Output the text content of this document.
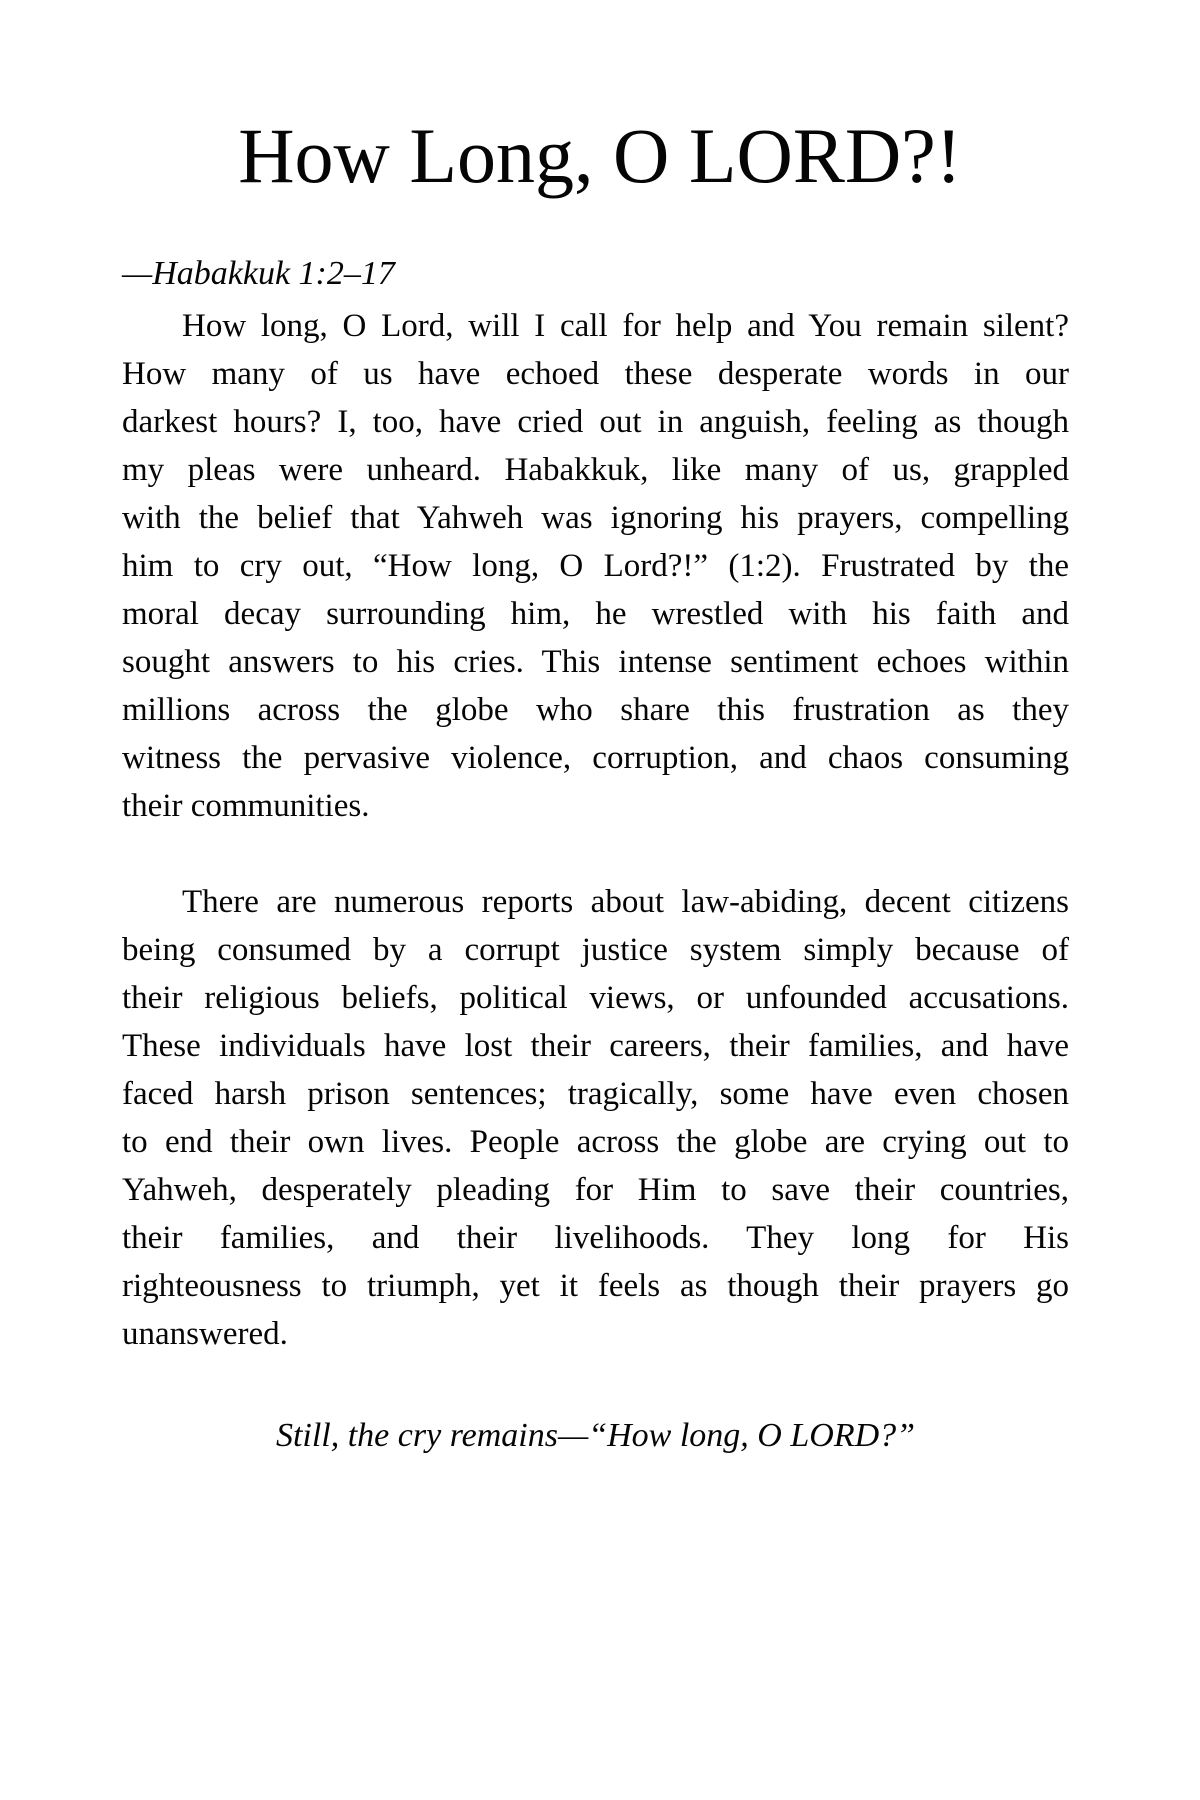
How Long, O LORD?!

—Habakkuk 1:2–17

How long, O Lord, will I call for help and You remain silent?
How many of us have echoed these desperate words in our
darkest hours? I, too, have cried out in anguish, feeling as though
my pleas were unheard. Habakkuk, like many of us, grappled
with the belief that Yahweh was ignoring his prayers, compelling
him to cry out, “How long, O Lord?!” (1:2). Frustrated by the
moral decay surrounding him, he wrestled with his faith and
sought answers to his cries. This intense sentiment echoes within
millions across the globe who share this frustration as they
witness the pervasive violence, corruption, and chaos consuming
their communities.
There are numerous reports about law-abiding, decent citizens
being consumed by a corrupt justice system simply because of
their religious beliefs, political views, or unfounded accusations.
These individuals have lost their careers, their families, and have
faced harsh prison sentences; tragically, some have even chosen
to end their own lives. People across the globe are crying out to
Yahweh, desperately pleading for Him to save their countries,
their families, and their livelihoods. They long for His
righteousness to triumph, yet it feels as though their prayers go
unanswered.

Still, the cry remains—“How long, O LORD?”
